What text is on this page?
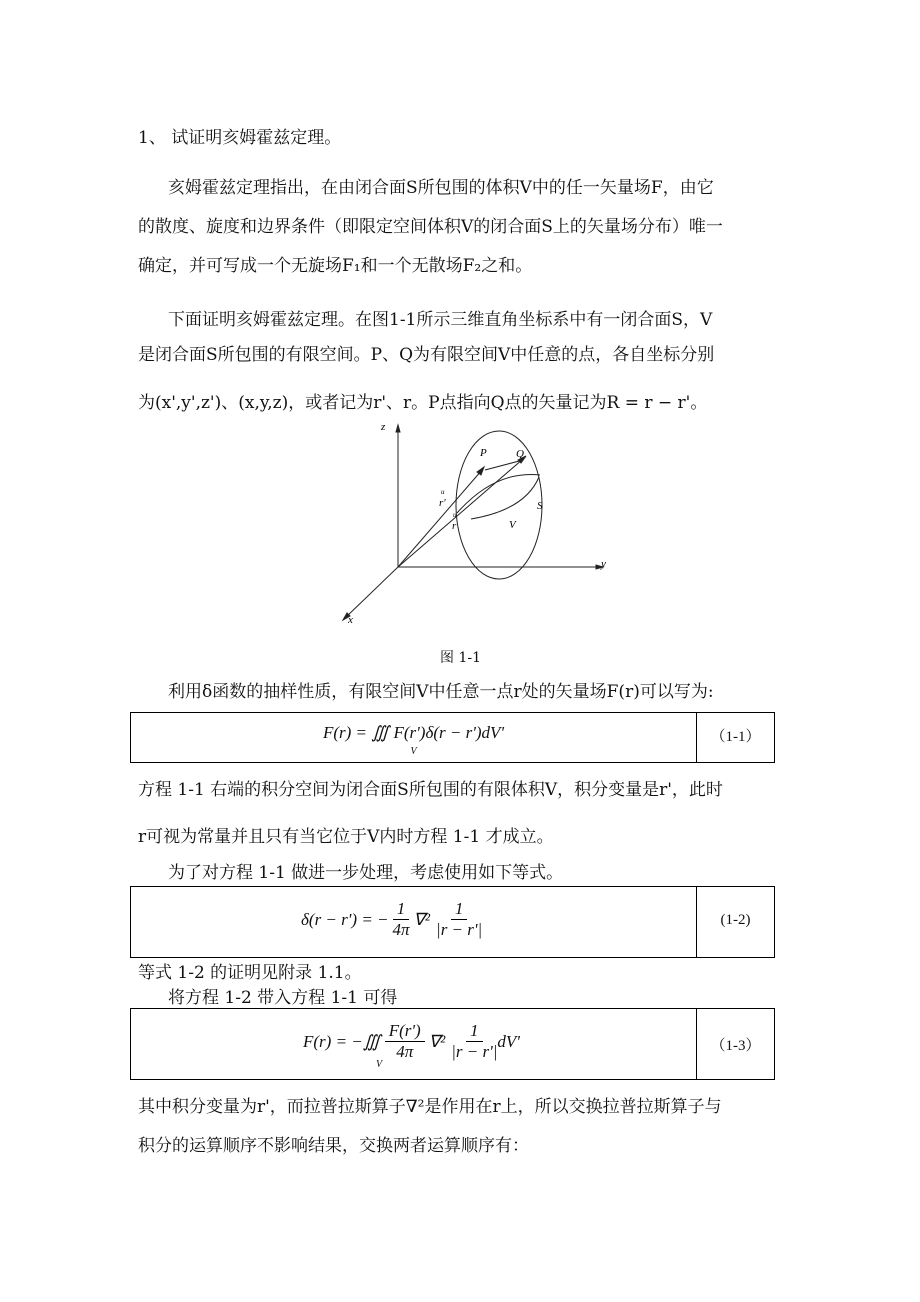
1、 试证明亥姆霍兹定理。
亥姆霍兹定理指出，在由闭合面S所包围的体积V中的任一矢量场F，由它
的散度、旋度和边界条件（即限定空间体积V的闭合面S上的矢量场分布）唯一
确定，并可写成一个无旋场F₁和一个无散场F₂之和。
下面证明亥姆霍兹定理。在图1-1所示三维直角坐标系中有一闭合面S，V
是闭合面S所包围的有限空间。P、Q为有限空间V中任意的点，各自坐标分别
为(x',y',z')、(x,y,z)，或者记为r'、r。P点指向Q点的矢量记为R = r − r'。
z
y
x
P	Q
S
V
u
r'
u
r
图 1-1
利用δ函数的抽样性质，有限空间V中任意一点r处的矢量场F(r)可以写为:
F(r) = ∭ F(r')δ(r − r')dV'
V
（1-1）
方程 1-1 右端的积分空间为闭合面S所包围的有限体积V，积分变量是r'，此时
r可视为常量并且只有当它位于V内时方程 1-1 才成立。
为了对方程 1-1 做进一步处理，考虑使用如下等式。
δ(r − r') = − $\frac{1}{4\pi} \nabla^2 \frac{1}{|r - r'|}$	(1-2)
等式 1-2 的证明见附录 1.1。
将方程 1-2 带入方程 1-1 可得
F(r) = −∭ $\frac{F(r')}{4\pi} \nabla^2 \frac{1}{|r - r'|} dV'$
V
（1-3）
其中积分变量为r'，而拉普拉斯算子∇²是作用在r上，所以交换拉普拉斯算子与
积分的运算顺序不影响结果，交换两者运算顺序有：
